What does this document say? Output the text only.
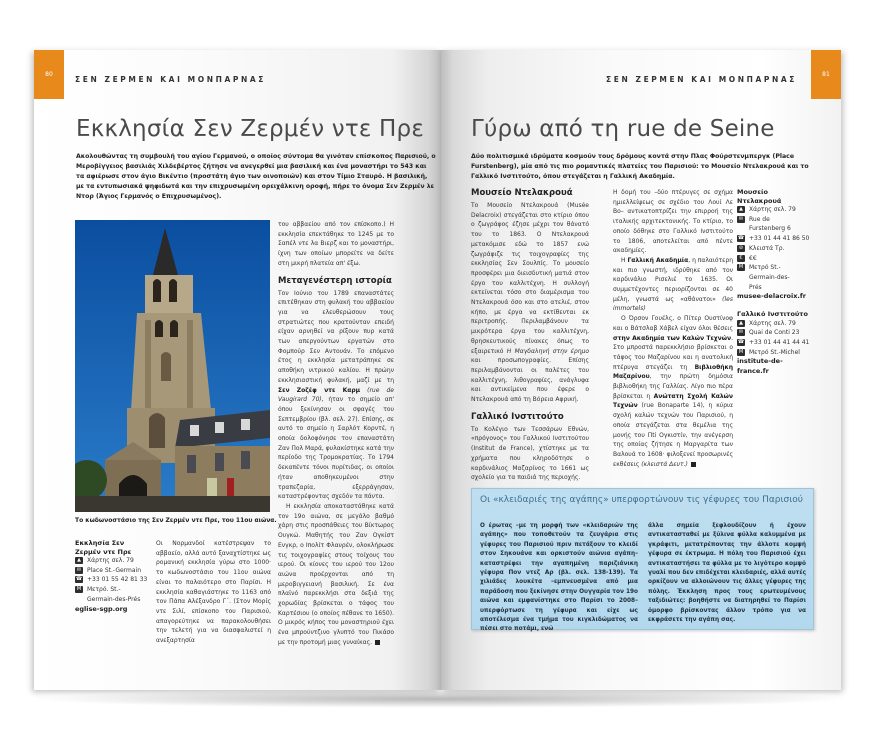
80
ΣΕΝ ΖΕΡΜΕΝ ΚΑΙ ΜΟΝΠΑΡΝΑΣ
Εκκλησία Σεν Ζερμέν ντε Πρε
Ακολουθώντας τη συμβουλή του αγίου Γερμανού, ο οποίος σύντομα θα γινόταν επίσκοπος Παρισιού, ο Μεροβίγγειος βασιλιάς Χιλδεβέρτος ζήτησε να ανεγερθεί μια βασιλική και ένα μοναστήρι το 543 και τα αφιέρωσε στον άγιο Βικέντιο (προστάτη άγιο των οινοποιών) και στον Τίμιο Σταυρό. Η βασιλική, με τα εντυπωσιακά ψηφιδωτά και την επιχρυσωμένη ορειχάλκινη οροφή, πήρε το όνομα Σεν Ζερμέν λε Ντορ (Άγιος Γερμανός ο Επιχρυσωμένος).
Το κωδωνοστάσιο της Σεν Ζερμέν ντε Πρε, του 11ου αιώνα.
Εκκλησία Σεν Ζερμέν ντε Πρε
▲	Χάρτης σελ. 79
✉ Place St.-Germain
☎ +33 01 55 42 81 33
M Μετρό. St.-Germain-des-Prés
eglise-sgp.org

Οι Νορμανδοί κατέστρεψαν το αββαείο, αλλά αυτό ξαναχτίστηκε ως ρομανική εκκλησία γύρω στο 1000· το κωδωνοστάσιο του 11ου αιώνα είναι το παλαιότερο στο Παρίσι. Η εκκλησία καθαγιάστηκε το 1163 από τον Πάπα Αλέξανδρο Γ΄. (Στον Μορίς ντε Σιλί, επίσκοπο του Παρισιού, απαγορεύτηκε να παρακολουθήσει την τελετή για να διασφαλιστεί η ανεξαρτησία

του αββαείου από τον επίσκοπο.) Η εκκλησία επεκτάθηκε το 1245 με το Σαπέλ ντε λα Βιερζ και το μοναστήρι, ίχνη των οποίων μπορείτε να δείτε στη μικρή πλατεία απ' έξω.

Μεταγενέστερη ιστορία

Τον Ιούνιο του 1789 επαναστάτες επιτέθηκαν στη φυλακή του αββαείου για να ελευθερώσουν τους στρατιώτες που κρατούνταν επειδή είχαν αρνηθεί να ρίξουν πυρ κατά των απεργούντων εργατών στο Φομπούρ Σεν Αντουάν. Το επόμενο έτος η εκκλησία μετατράπηκε σε αποθήκη νιτρικού καλίου. Η πρώην εκκλησιαστική φυλακή, μαζί με τη Σεν Ζοζέφ ντε Καρμ (rue de Vaugirard 70), ήταν το σημείο απ' όπου ξεκίνησαν οι σφαγές του Σεπτεμβρίου (βλ. σελ. 27). Επίσης, σε αυτό το σημείο η Σαρλότ Κορντέ, η οποία δολοφόνησε τον επαναστάτη Ζαν Πολ Μαρά, φυλακίστηκε κατά την περίοδο της Τρομοκρατίας. Το 1794 δεκαπέντε τόνοι πυρίτιδας, οι οποίοι ήταν αποθηκευμένοι στην τραπεζαρία, εξερράγησαν, καταστρέφοντας σχεδόν τα πάντα.

Η εκκλησία αποκαταστάθηκε κατά τον 19ο αιώνα, σε μεγάλο βαθμό χάρη στις προσπάθειες του Βίκτωρος Ουγκώ. Μαθητής του Ζαν Ογκίστ Ενγκρ, ο Ιπολίτ Φλανρέν, ολοκλήρωσε τις τοιχογραφίες στους τοίχους του ιερού. Οι κίονες του ιερού του 12ου αιώνα προέρχονται από τη μεροβιγγειανή βασιλική. Σε ένα πλαϊνό παρεκκλήσι στα δεξιά της χορωδίας βρίσκεται ο τάφος του Καρτέσιου (ο οποίος πέθανε το 1650). Ο μικρός κήπος του μοναστηριού έχει ένα μπρούντζινο γλυπτό του Πικάσο με την προτομή μιας γυναίκας.

81
ΣΕΝ ΖΕΡΜΕΝ ΚΑΙ ΜΟΝΠΑΡΝΑΣ
Γύρω από τη rue de Seine
Δύο πολιτισμικά ιδρύματα κοσμούν τους δρόμους κοντά στην Πλας Φούρστενμπεργκ (Place Furstenberg), μία από τις πιο ρομαντικές πλατείες του Παρισιού: το Μουσείο Ντελακρουά και το Γαλλικό Ινστιτούτο, όπου στεγάζεται η Γαλλική Ακαδημία.
Μουσείο Ντελακρουά

Το Μουσείο Ντελακρουά (Musée Delacroix) στεγάζεται στο κτίριο όπου ο ζωγράφος έζησε μέχρι τον θάνατό του το 1863. Ο Ντελακρουά μετακόμισε εδώ το 1857 ενώ ζωγράφιζε τις τοιχογραφίες της εκκλησίας Σεν Σουλπίς. Το μουσείο προσφέρει μια διεισδυτική ματιά στον έργο του καλλιτέχνη. Η συλλογή εκτείνεται τόσο στο διαμέρισμα του Ντελακρουά όσο και στο ατελιέ, στον κήπο, με έργα να εκτίθενται εκ περιτροπής. Περιλαμβάνουν τα μικρότερα έργα του καλλιτέχνη, θρησκευτικούς πίνακες όπως το εξαιρετικό Η Μαγδαληνή στην έρημο και προσωπογραφίες. Επίσης περιλαμβάνονται οι παλέτες του καλλιτέχνη, λιθογραφίες, ανάγλυφα και αντικείμενα που έφερε ο Ντελακρουά από τη Βόρεια Αφρική.

Γαλλικό Ινστιτούτο

Το Κολέγιο των Τεσσάρων Εθνών, «πρόγονος» του Γαλλικού Ινστιτούτου (Institut de France), χτίστηκε με τα χρήματα που κληροδότησε ο καρδινάλιος Μαζαρίνος το 1661 ως σχολείο για τα παιδιά της περιοχής.

Η δομή του –δύο πτέρυγες σε σχήμα ημιελλείψεως σε σχέδιο του Λουί Λε Βο– αντικατοπτρίζει την επιρροή της ιταλικής αρχιτεκτονικής. Το κτίριο, το οποίο δόθηκε στο Γαλλικό Ινστιτούτο το 1806, αποτελείται από πέντε ακαδημίες.

Η Γαλλική Ακαδημία, η παλαιότερη και πιο γνωστή, ιδρύθηκε από τον καρδινάλιο Ρισελιέ το 1635. Οι συμμετέχοντες περιορίζονται σε 40 μέλη, γνωστά ως «αθάνατοι» (les immortels)

Ο Όρσον Γουέλς, ο Πίτερ Ουστίνοφ και ο Βάτσλαβ Χάβελ είχαν όλοι θέσεις στην Ακαδημία των Καλών Τεχνών. Στο μπροστά παρεκκλήσιο βρίσκεται ο τάφος του Μαζαρίνου και η ανατολική πτέρυγα στεγάζει τη Βιβλιοθήκη Μαζαρίνου, την πρώτη δημόσια βιβλιοθήκη της Γαλλίας. Λίγο πιο πέρα βρίσκεται η Ανώτατη Σχολή Καλών Τεχνών (rue Bonaparte 14), η κύρια σχολή καλών τεχνών του Παρισιού, η οποία στεγάζεται στα θεμέλια της μονής του Πti Ογκιστίν, την ανέγερση της οποίας ζήτησε η Μαργαρίτα των Βαλουά το 1608· φιλοξενεί προσωρινές εκθέσεις (κλειστά Δευτ.)

Μουσείο Ντελακρουά
▲	Χάρτης σελ. 79
✉ Rue de Furstenberg 6
☎ +33 01 44 41 86 50
⊘ Κλειστά Τρ.
€	€€
M Μετρό St.-Germain-des-Prés
musee-delacroix.fr
Γαλλικό Ινστιτούτο
▲	Χάρτης σελ. 79
✉ Quai de Conti 23
☎ +33 01 44 41 44 41
M Μετρό St.-Michel
institute-de-france.fr
Οι «κλειδαριές της αγάπης» υπερφορτώνουν τις γέφυρες του Παρισιού
Ο έρωτας –με τη μορφή των «κλειδαριών της αγάπης» που τοποθετούν τα ζευγάρια στις γέφυρες του Παρισιού πριν πετάξουν το κλειδί στον Σηκουάνα και ορκιστούν αιώνια αγάπη– καταστρέφει την αγαπημένη παριζιάνικη γέφυρα Πον ντεζ Αρ (βλ. σελ. 138-139). Τα χιλιάδες λουκέτα –εμπνευσμένα από μια παράδοση που ξεκίνησε στην Ουγγαρία τον 19ο αιώνα και εμφανίστηκε στο Παρίσι το 2008– υπερφόρτωσε τη γέφυρα και είχε ως αποτέλεσμα ένα τμήμα του κιγκλιδώματος να πέσει στο ποτάμι, ενώ
άλλα σημεία ξεφλουδίζουν ή έχουν αντικατασταθεί με ξύλινα φύλλα καλυμμένα με γκράφιτι, μετατρέποντας την άλλοτε κομψή γέφυρα σε έκτρωμα. Η πόλη του Παρισιού έχει αντικαταστήσει τα φύλλα με το λιγότερο κομψό γυαλί που δεν επιδέχεται κλειδαριές, αλλά αυτές ορκίζουν να αλλοιώνουν τις άλλες γέφυρες της πόλης. Έκκληση προς τους ερωτευμένους ταξιδιώτες: βοηθήστε να διατηρηθεί το Παρίσι όμορφο βρίσκοντας άλλον τρόπο για να εκφράσετε την αγάπη σας.
